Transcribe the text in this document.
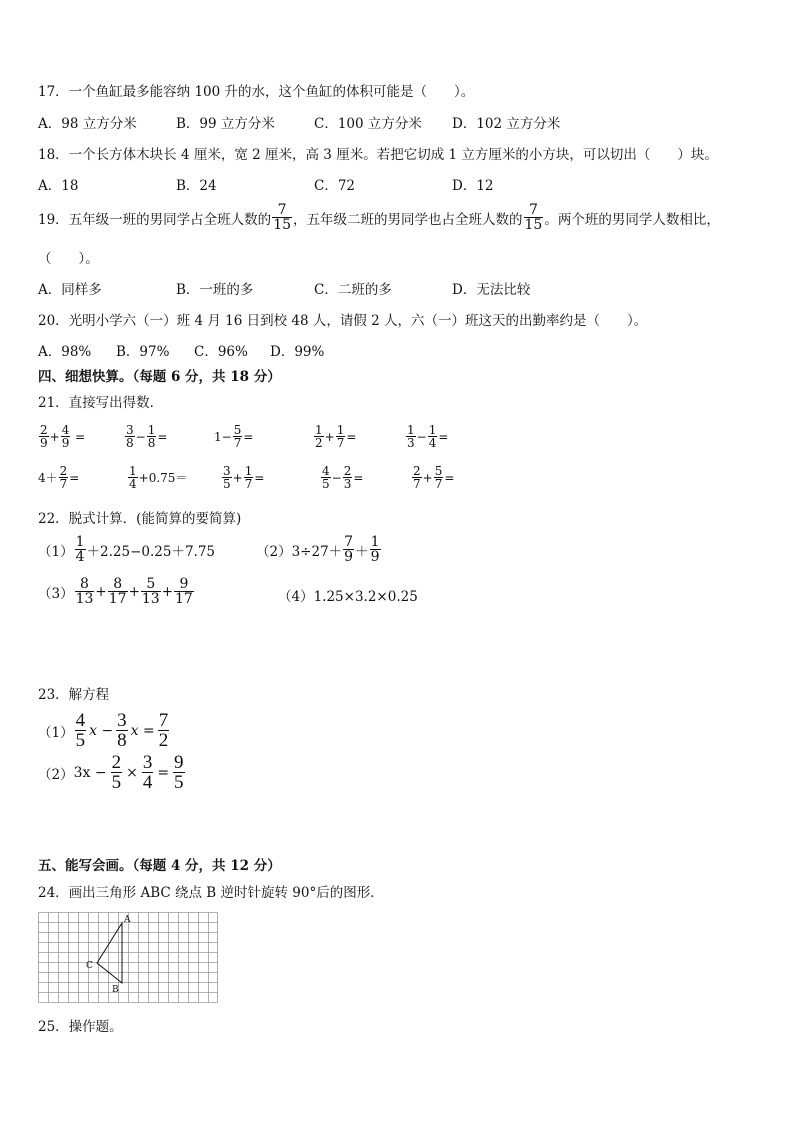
17．一个鱼缸最多能容纳 100 升的水，这个鱼缸的体积可能是（　　）。
A．98 立方分米	B．99 立方分米	C．100 立方分米 D．102 立方分米
18．一个长方体木块长 4 厘米，宽 2 厘米，高 3 厘米。若把它切成 1 立方厘米的小方块，可以切出（　　）块。
A．18	B．24	C．72	D．12
19．五年级一班的男同学占全班人数的 $\frac{7}{15}$ ，五年级二班的男同学也占全班人数的 $\frac{7}{15}$ 。两个班的男同学人数相比，
（　　）。
A．同样多	B．一班的多	C．二班的多	D．无法比较
20．光明小学六（一）班 4 月 16 日到校 48 人，请假 2 人，六（一）班这天的出勤率约是（　　）。
A．98% B．97% C．96% D．99%
四、细想快算。（每题 6 分，共 18 分）
21．直接写出得数．
$\frac{2}{9} + \frac{4}{9}$ =	$\frac{3}{8} - \frac{1}{8}$ =	$1- \frac{5}{7}$ =	$\frac{1}{2} + \frac{1}{7}$ =	$\frac{1}{3} - \frac{1}{4}$ =
$4+ \frac{2}{7}$ =	$\frac{1}{4} +0.75=$	$\frac{3}{5} + \frac{1}{7}$ =	$\frac{4}{5} - \frac{2}{3}$ =	$\frac{2}{7} + \frac{5}{7}$ =
22．脱式计算．(能简算的要简算)
$(1) \frac{1}{4} +2.25-0.25+7.75$	$(2)3\div 27+ \frac{7}{9} + \frac{1}{9}$
$(3) \frac{8}{13} + \frac{8}{17} + \frac{5}{13} + \frac{9}{17}$	（4）1.25×3.2×0.25
23．解方程
$(1) \frac{4}{5}$ $x - \frac{3}{8}$ $x = \frac{7}{2}$
（2） $3x - \frac{2}{5} \times \frac{3}{4} = \frac{9}{5}$
五、能写会画。（每题 4 分，共 12 分）
24．画出三角形 ABC 绕点 B 逆时针旋转 90°后的图形．
A
B
C
25．操作题。
